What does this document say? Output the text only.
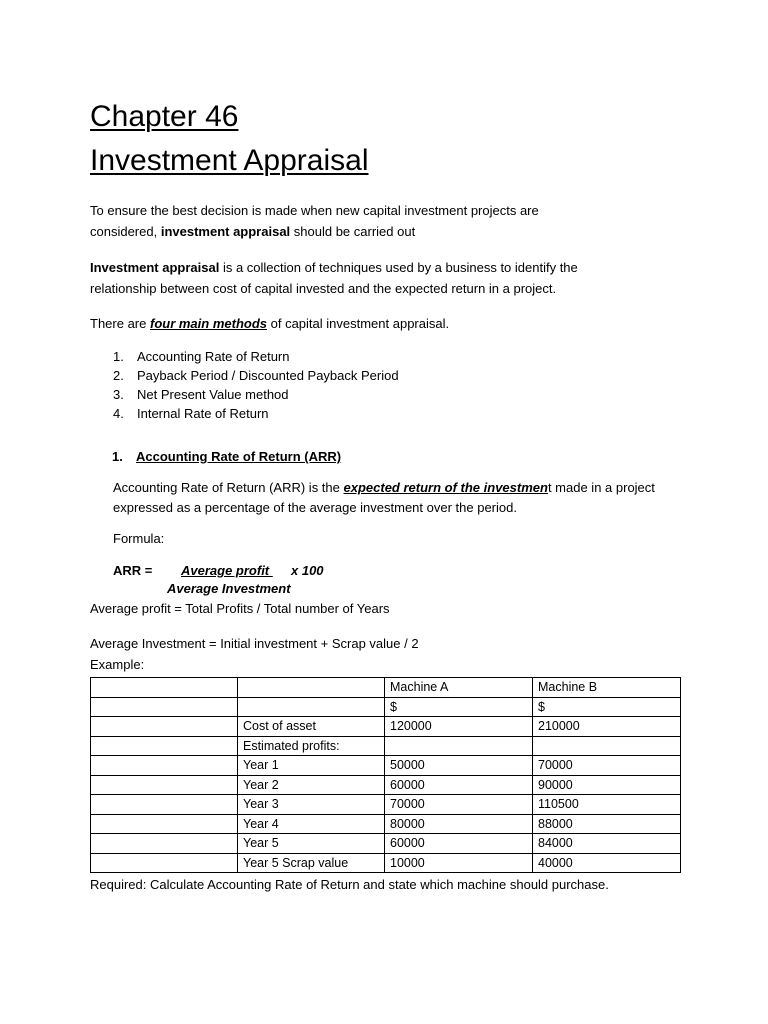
Chapter 46
Investment Appraisal

To ensure the best decision is made when new capital investment projects are

considered, investment appraisal should be carried out

Investment appraisal is a collection of techniques used by a business to identify the

relationship between cost of capital invested and the expected return in a project.

There are four main methods of capital investment appraisal.

1. Accounting Rate of Return
2. Payback Period / Discounted Payback Period
3. Net Present Value method
4. Internal Rate of Return
1. Accounting Rate of Return (ARR)

Accounting Rate of Return (ARR) is the expected return of the investment made in a project

expressed as a percentage of the average investment over the period.

Formula:

ARR = Average profit x 100

Average Investment

Average profit = Total Profits / Total number of Years

Average Investment = Initial investment + Scrap value / 2

Example:

		Machine A	Machine B
		$	$
	Cost of asset	120000	210000
	Estimated profits:		
	Year 1	50000	70000
	Year 2	60000	90000
	Year 3	70000	110500
	Year 4	80000	88000
	Year 5	60000	84000
	Year 5 Scrap value	10000	40000

Required: Calculate Accounting Rate of Return and state which machine should purchase.
